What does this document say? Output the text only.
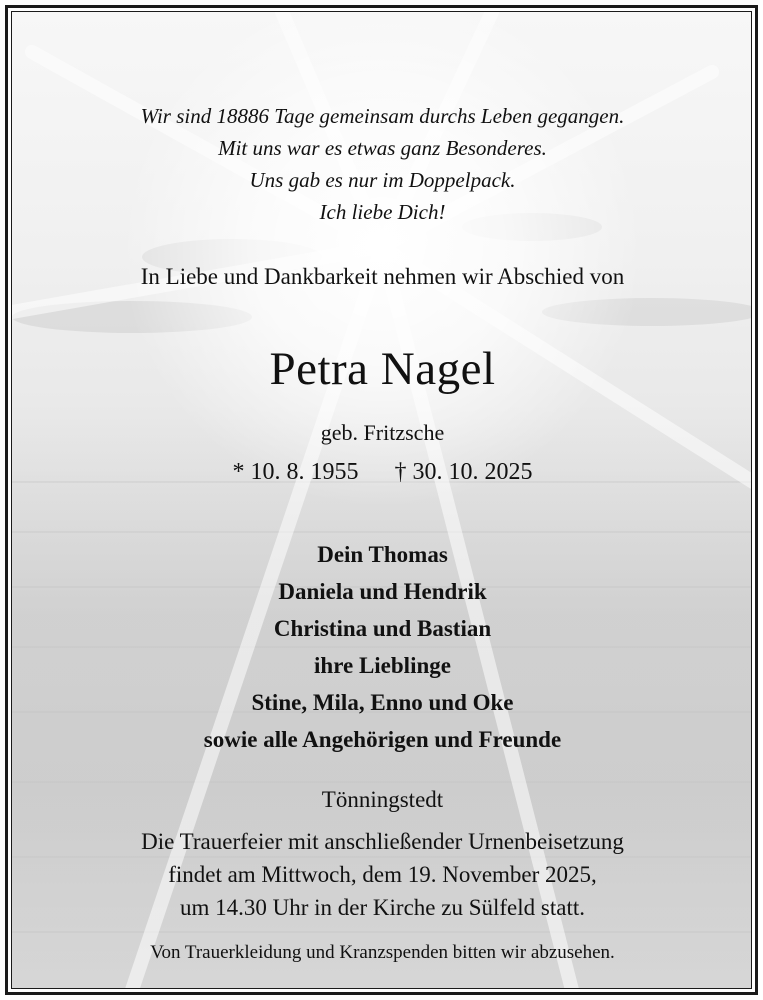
Wir sind 18886 Tage gemeinsam durchs Leben gegangen.
Mit uns war es etwas ganz Besonderes.
Uns gab es nur im Doppelpack.
Ich liebe Dich!
In Liebe und Dankbarkeit nehmen wir Abschied von
Petra Nagel
geb. Fritzsche
* 10. 8. 1955 † 30. 10. 2025
Dein Thomas
Daniela und Hendrik
Christina und Bastian
ihre Lieblinge
Stine, Mila, Enno und Oke
sowie alle Angehörigen und Freunde
Tönningstedt
Die Trauerfeier mit anschließender Urnenbeisetzung
findet am Mittwoch, dem 19. November 2025,
um 14.30 Uhr in der Kirche zu Sülfeld statt.
Von Trauerkleidung und Kranzspenden bitten wir abzusehen.
